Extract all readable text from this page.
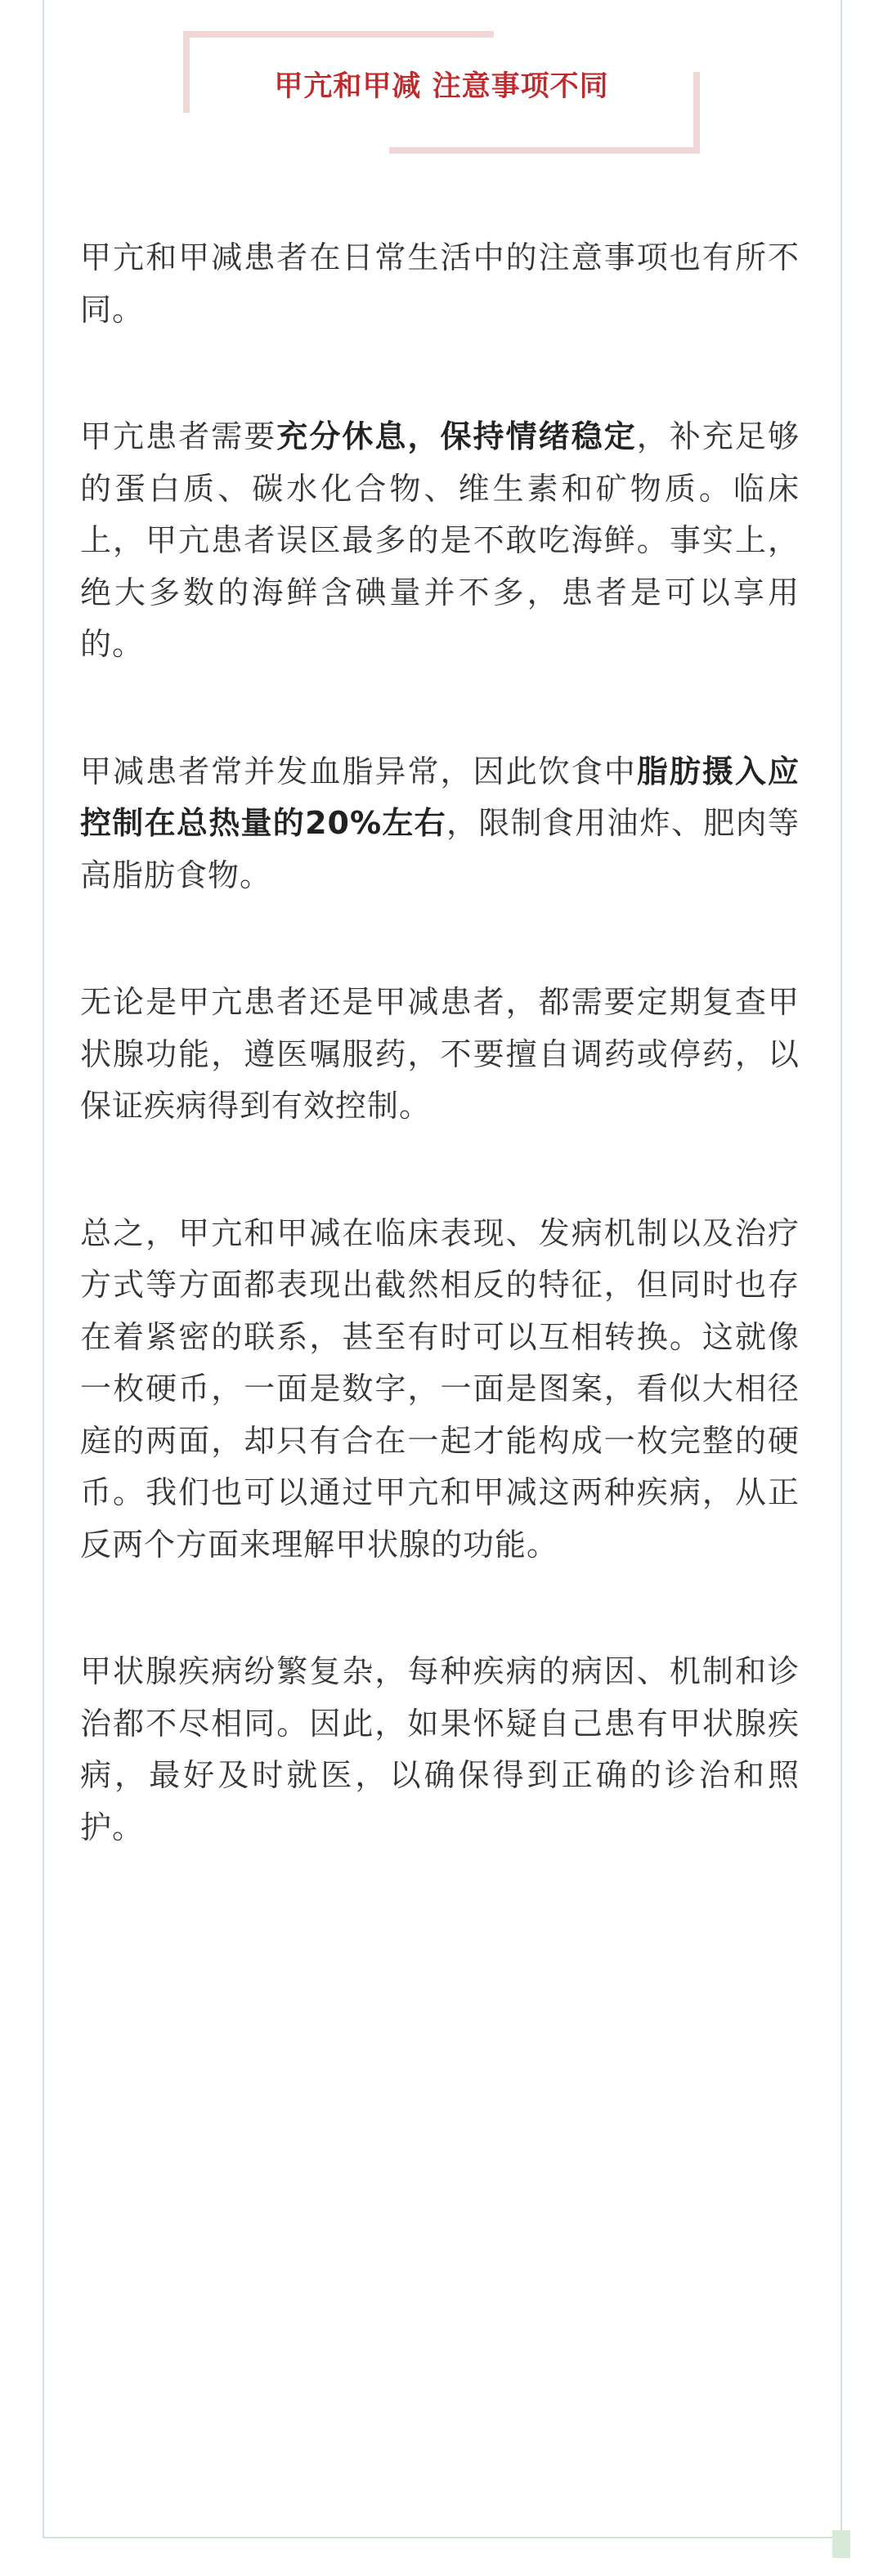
甲亢和甲减 注意事项不同

甲亢和甲减患者在日常生活中的注意事项也有所不同。

甲亢患者需要充分休息，保持情绪稳定，补充足够的蛋白质、碳水化合物、维生素和矿物质。临床上，甲亢患者误区最多的是不敢吃海鲜。事实上，绝大多数的海鲜含碘量并不多，患者是可以享用的。

甲减患者常并发血脂异常，因此饮食中脂肪摄入应控制在总热量的20%左右，限制食用油炸、肥肉等高脂肪食物。

无论是甲亢患者还是甲减患者，都需要定期复查甲状腺功能，遵医嘱服药，不要擅自调药或停药，以保证疾病得到有效控制。

总之，甲亢和甲减在临床表现、发病机制以及治疗方式等方面都表现出截然相反的特征，但同时也存在着紧密的联系，甚至有时可以互相转换。这就像一枚硬币，一面是数字，一面是图案，看似大相径庭的两面，却只有合在一起才能构成一枚完整的硬币。我们也可以通过甲亢和甲减这两种疾病，从正反两个方面来理解甲状腺的功能。

甲状腺疾病纷繁复杂，每种疾病的病因、机制和诊治都不尽相同。因此，如果怀疑自己患有甲状腺疾病，最好及时就医，以确保得到正确的诊治和照护。
